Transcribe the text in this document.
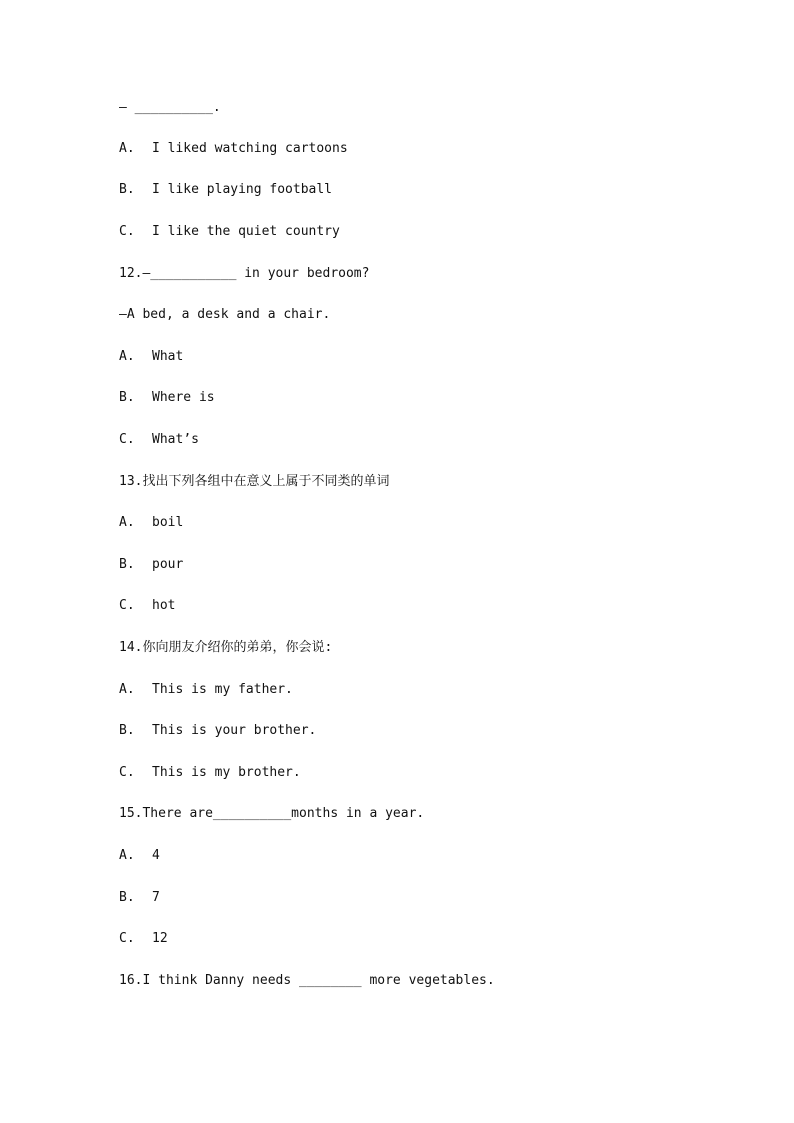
— __________.

A. I liked watching cartoons

B. I like playing football

C. I like the quiet country

12.—___________ in your bedroom?

—A bed, a desk and a chair.

A. What

B. Where is

C. What’s

13.找出下列各组中在意义上属于不同类的单词

A. boil

B. pour

C. hot

14.你向朋友介绍你的弟弟，你会说:

A. This is my father.

B. This is your brother.

C. This is my brother.

15.There are__________months in a year.

A. 4

B. 7

C. 12

16.I think Danny needs ________ more vegetables.
